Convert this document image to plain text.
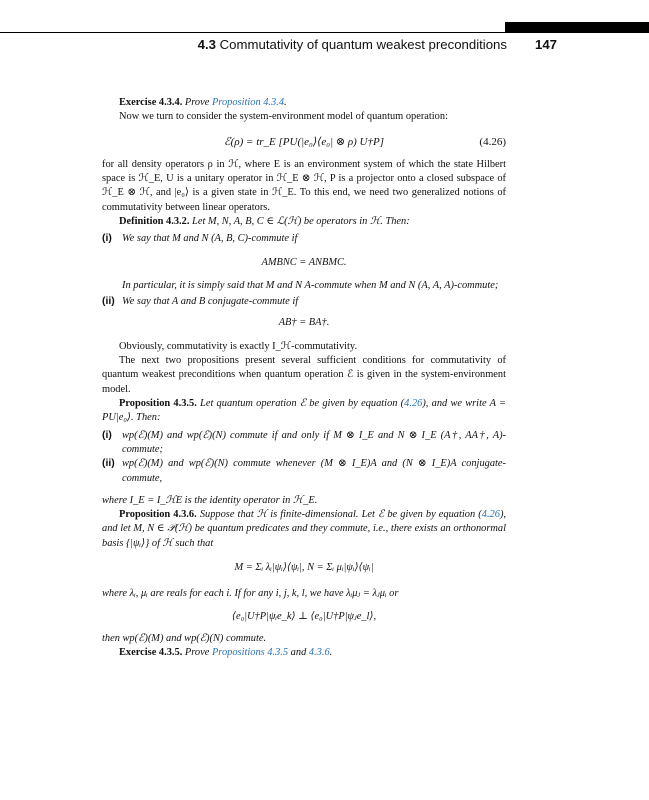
4.3 Commutativity of quantum weakest preconditions 147

Exercise 4.3.4. Prove Proposition 4.3.4.

Now we turn to consider the system-environment model of quantum operation:

ℰ(ρ) = tr_E [PU(|e₀⟩⟨e₀| ⊗ ρ) U†P]	(4.26)

for all density operators ρ in ℋ, where E is an environment system of which the state Hilbert space is ℋ_E, U is a unitary operator in ℋ_E ⊗ ℋ, P is a projector onto a closed subspace of ℋ_E ⊗ ℋ, and |e₀⟩ is a given state in ℋ_E. To this end, we need two generalized notions of commutativity between linear operators.

Definition 4.3.2. Let M, N, A, B, C ∈ ℒ(ℋ) be operators in ℋ. Then:

(i) We say that M and N (A, B, C)-commute if
AMBNC = ANBMC.
In particular, it is simply said that M and N A-commute when M and N (A, A, A)-commute;
(ii) We say that A and B conjugate-commute if
AB† = BA†.

Obviously, commutativity is exactly I_ℋ-commutativity.

The next two propositions present several sufficient conditions for commutativity of quantum weakest preconditions when quantum operation ℰ is given in the system-environment model.

Proposition 4.3.5. Let quantum operation ℰ be given by equation (4.26), and we write A = PU|e₀⟩. Then:

(i) wp(ℰ)(M) and wp(ℰ)(N) commute if and only if M ⊗ I_E and N ⊗ I_E (A†, AA†, A)-commute;
(ii) wp(ℰ)(M) and wp(ℰ)(N) commute whenever (M ⊗ I_E)A and (N ⊗ I_E)A conjugate-commute,

where I_E = I_ℋE is the identity operator in ℋ_E.

Proposition 4.3.6. Suppose that ℋ is finite-dimensional. Let ℰ be given by equation (4.26), and let M, N ∈ 𝒫(ℋ) be quantum predicates and they commute, i.e., there exists an orthonormal basis {|ψᵢ⟩} of ℋ such that

M = Σᵢ λᵢ|ψᵢ⟩⟨ψᵢ|, N = Σᵢ μᵢ|ψᵢ⟩⟨ψᵢ|

where λᵢ, μᵢ are reals for each i. If for any i, j, k, l, we have λᵢμⱼ = λⱼμᵢ or

⟨e₀|U†P|ψᵢe_k⟩ ⊥ ⟨e₀|U†P|ψⱼe_l⟩,

then wp(ℰ)(M) and wp(ℰ)(N) commute.

Exercise 4.3.5. Prove Propositions 4.3.5 and 4.3.6.
